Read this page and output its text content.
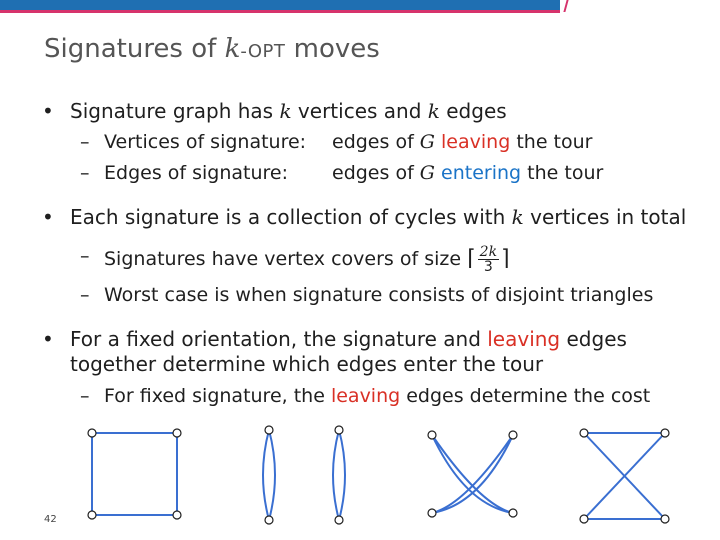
Signatures of k-OPT moves
• Signature graph has k vertices and k edges
– Vertices of signature: edges of G leaving the tour
– Edges of signature: edges of G entering the tour
• Each signature is a collection of cycles with k vertices in total
– Signatures have vertex covers of size ⌈ $\frac{2k}{3}$ ⌉
– Worst case is when signature consists of disjoint triangles
• For a fixed orientation, the signature and leaving edges
together determine which edges enter the tour
– For fixed signature, the leaving edges determine the cost
42
